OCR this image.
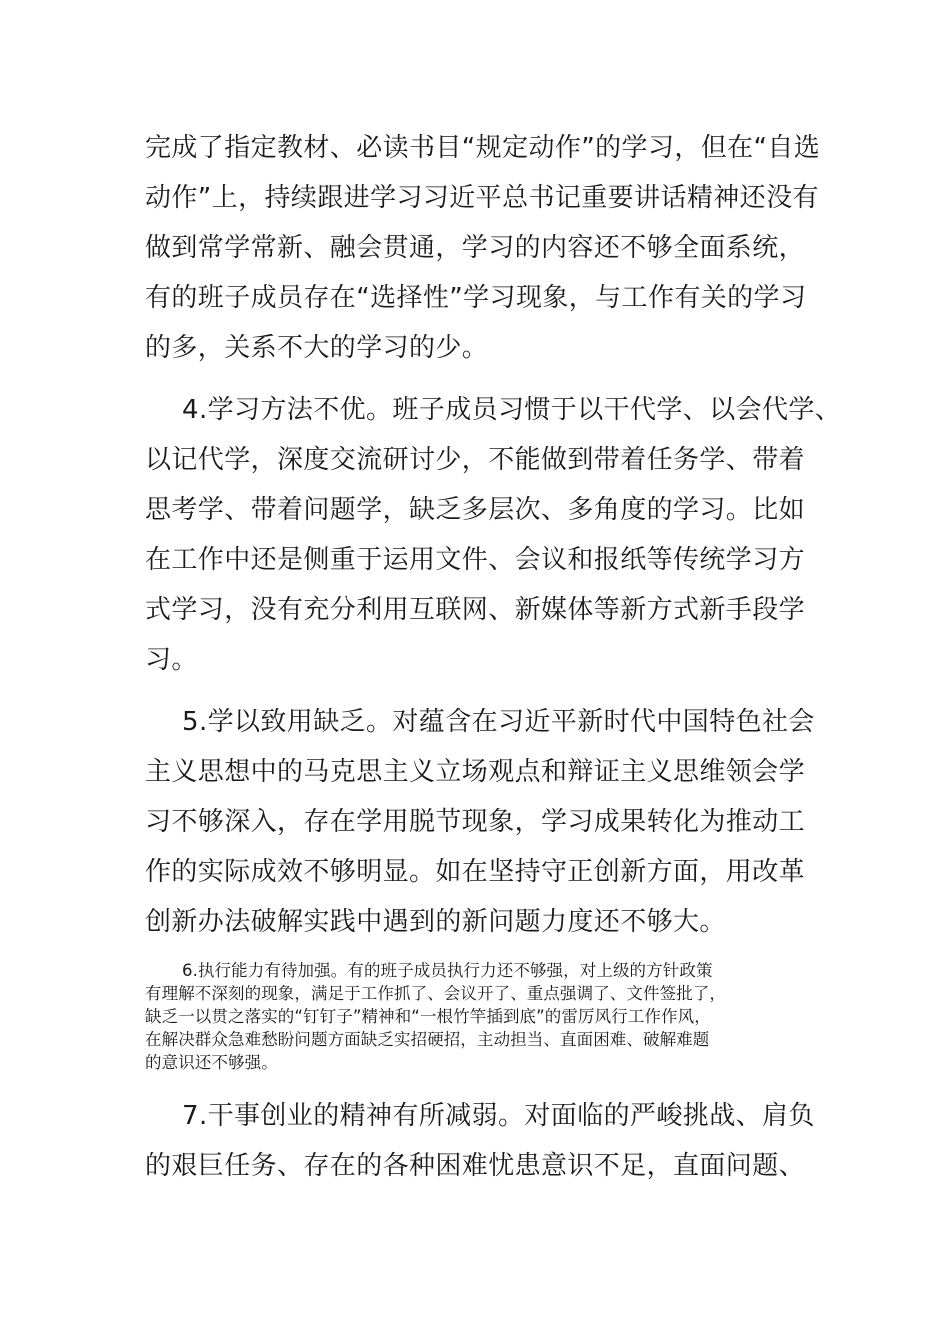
完成了指定教材、必读书目“规定动作”的学习，但在“自选
动作”上，持续跟进学习习近平总书记重要讲话精神还没有
做到常学常新、融会贯通，学习的内容还不够全面系统，
有的班子成员存在“选择性”学习现象，与工作有关的学习
的多，关系不大的学习的少。
4.学习方法不优。班子成员习惯于以干代学、以会代学、
以记代学，深度交流研讨少，不能做到带着任务学、带着
思考学、带着问题学，缺乏多层次、多角度的学习。比如
在工作中还是侧重于运用文件、会议和报纸等传统学习方
式学习，没有充分利用互联网、新媒体等新方式新手段学
习。
5.学以致用缺乏。对蕴含在习近平新时代中国特色社会
主义思想中的马克思主义立场观点和辩证主义思维领会学
习不够深入，存在学用脱节现象，学习成果转化为推动工
作的实际成效不够明显。如在坚持守正创新方面，用改革
创新办法破解实践中遇到的新问题力度还不够大。
6.执行能力有待加强。有的班子成员执行力还不够强，对上级的方针政策
有理解不深刻的现象，满足于工作抓了、会议开了、重点强调了、文件签批了，
缺乏一以贯之落实的“钉钉子”精神和“一根竹竿插到底”的雷厉风行工作作风，
在解决群众急难愁盼问题方面缺乏实招硬招，主动担当、直面困难、破解难题
的意识还不够强。
7.干事创业的精神有所减弱。对面临的严峻挑战、肩负
的艰巨任务、存在的各种困难忧患意识不足，直面问题、
